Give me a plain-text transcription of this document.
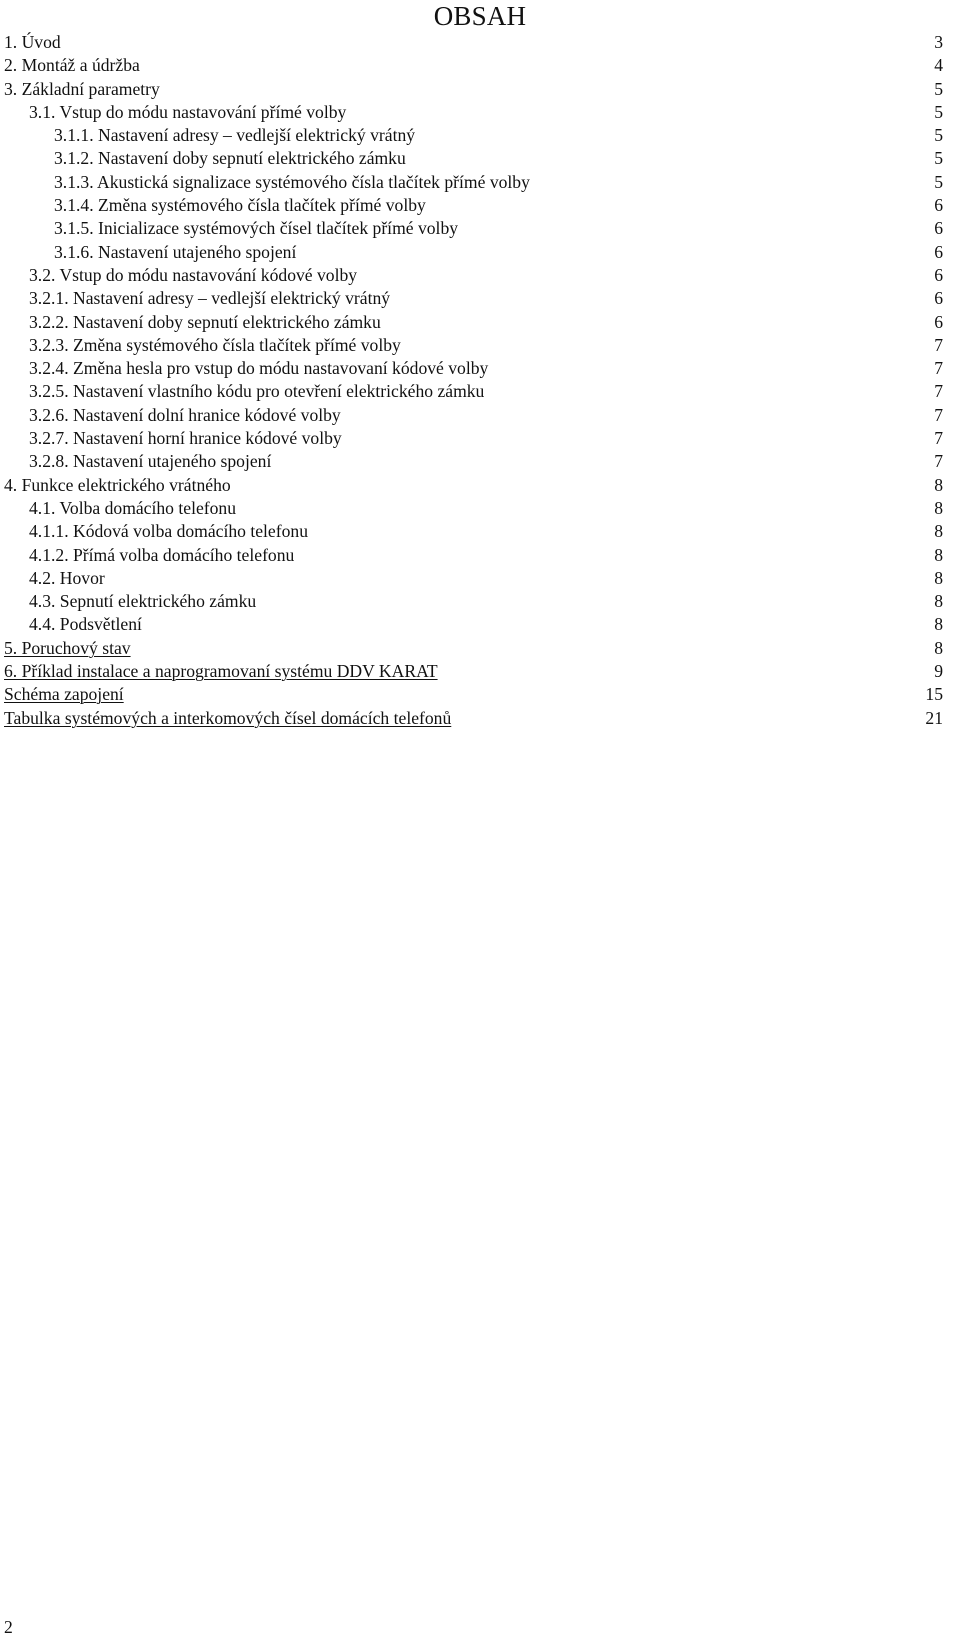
OBSAH
1. Úvod	3
2. Montáž a údržba	4
3. Základní parametry	5
3.1. Vstup do módu nastavování přímé volby	5
3.1.1. Nastavení adresy – vedlejší elektrický vrátný	5
3.1.2. Nastavení doby sepnutí elektrického zámku	5
3.1.3. Akustická signalizace systémového čísla tlačítek přímé volby	5
3.1.4. Změna systémového čísla tlačítek přímé volby	6
3.1.5. Inicializace systémových čísel tlačítek přímé volby	6
3.1.6. Nastavení utajeného spojení	6
3.2. Vstup do módu nastavování kódové volby	6
3.2.1. Nastavení adresy – vedlejší elektrický vrátný	6
3.2.2. Nastavení doby sepnutí elektrického zámku	6
3.2.3. Změna systémového čísla tlačítek přímé volby	7
3.2.4. Změna hesla pro vstup do módu nastavovaní kódové volby	7
3.2.5. Nastavení vlastního kódu pro otevření elektrického zámku	7
3.2.6. Nastavení dolní hranice kódové volby	7
3.2.7. Nastavení horní hranice kódové volby	7
3.2.8. Nastavení utajeného spojení	7
4. Funkce elektrického vrátného	8
4.1. Volba domácího telefonu	8
4.1.1. Kódová volba domácího telefonu	8
4.1.2. Přímá volba domácího telefonu	8
4.2. Hovor	8
4.3. Sepnutí elektrického zámku	8
4.4. Podsvětlení	8
5. Poruchový stav	8
6. Příklad instalace a naprogramovaní systému DDV KARAT	9
Schéma zapojení	15
Tabulka systémových a interkomových čísel domácích telefonů	21
2
